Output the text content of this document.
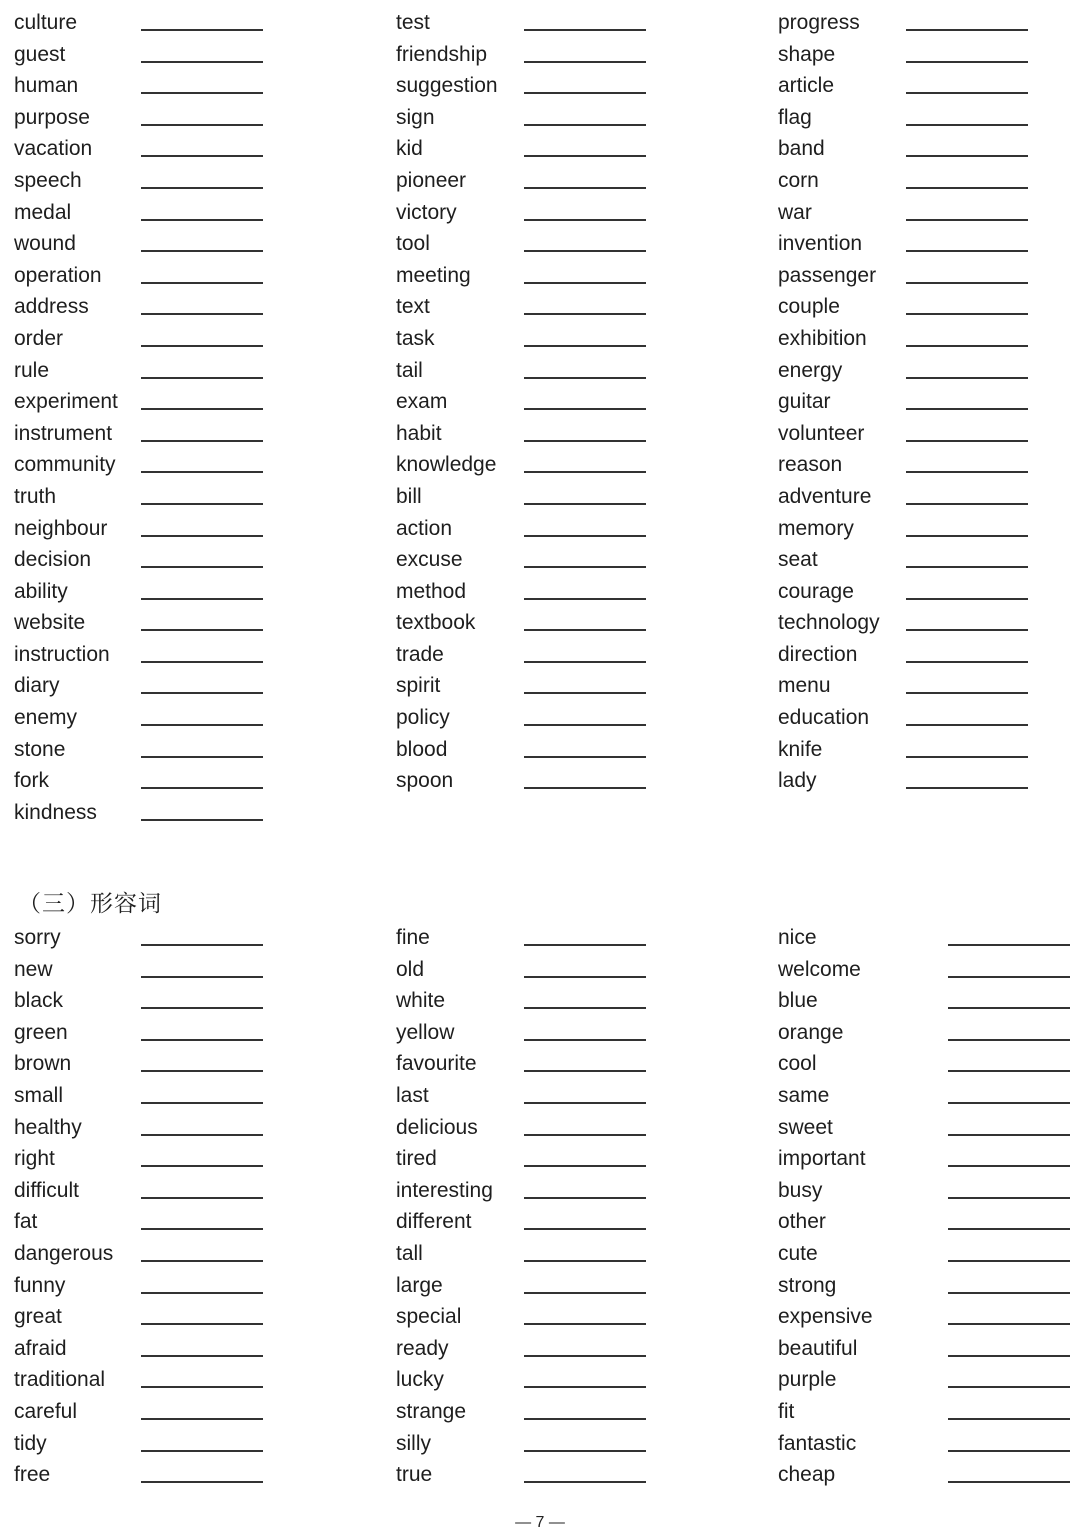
culture
guest
human
purpose
vacation
speech
medal
wound
operation
address
order
rule
experiment
instrument
community
truth
neighbour
decision
ability
website
instruction
diary
enemy
stone
fork
kindness
test
friendship
suggestion
sign
kid
pioneer
victory
tool
meeting
text
task
tail
exam
habit
knowledge
bill
action
excuse
method
textbook
trade
spirit
policy
blood
spoon
progress
shape
article
flag
band
corn
war
invention
passenger
couple
exhibition
energy
guitar
volunteer
reason
adventure
memory
seat
courage
technology
direction
menu
education
knife
lady
（三）形容词
sorry
new
black
green
brown
small
healthy
right
difficult
fat
dangerous
funny
great
afraid
traditional
careful
tidy
free
fine
old
white
yellow
favourite
last
delicious
tired
interesting
different
tall
large
special
ready
lucky
strange
silly
true
nice
welcome
blue
orange
cool
same
sweet
important
busy
other
cute
strong
expensive
beautiful
purple
fit
fantastic
cheap
— 7 —
